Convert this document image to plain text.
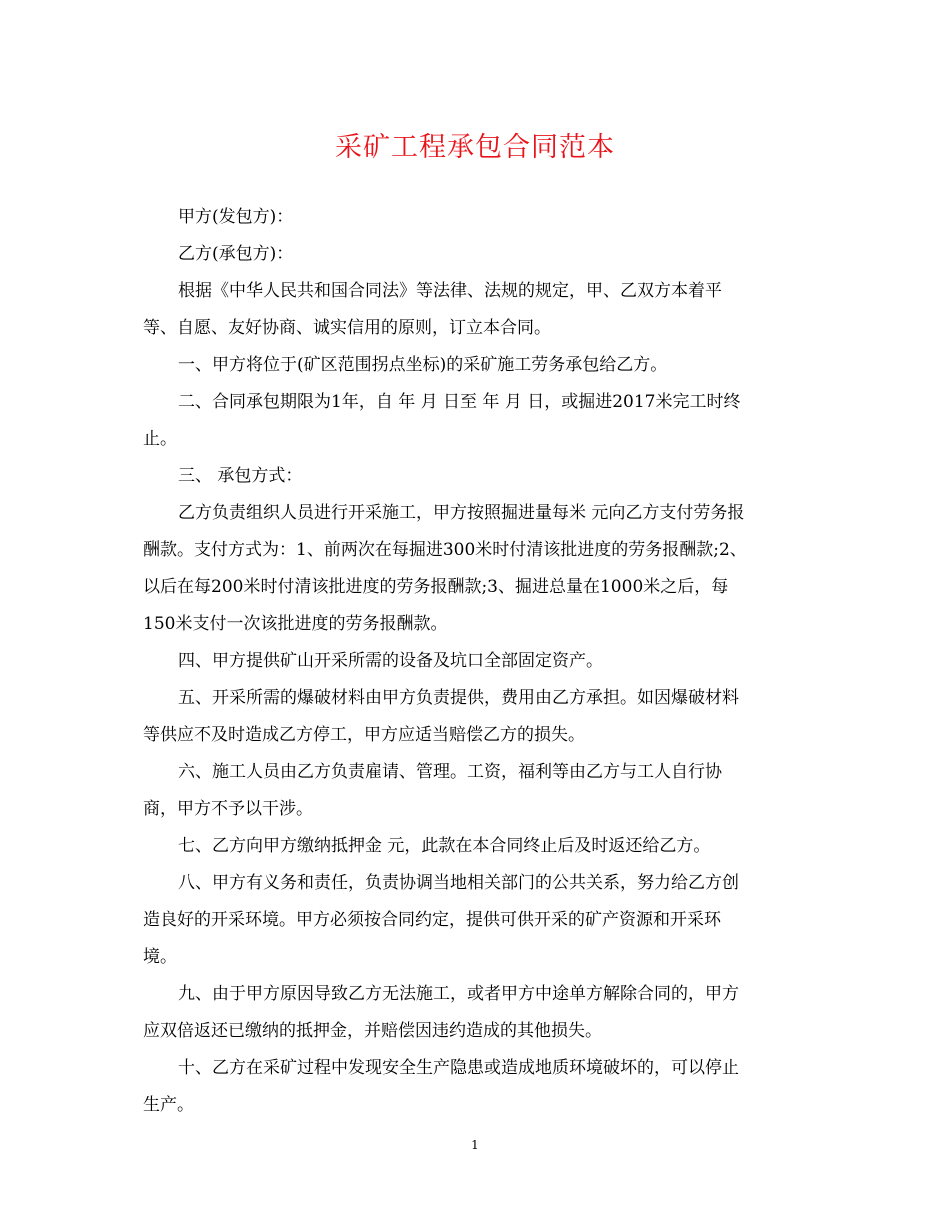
采矿工程承包合同范本
甲方(发包方)：
乙方(承包方)：
根据《中华人民共和国合同法》等法律、法规的规定，甲、乙双方本着平
等、自愿、友好协商、诚实信用的原则，订立本合同。
一、甲方将位于(矿区范围拐点坐标)的采矿施工劳务承包给乙方。
二、合同承包期限为1年，自 年 月 日至 年 月 日，或掘进2017米完工时终
止。
三、 承包方式：
乙方负责组织人员进行开采施工，甲方按照掘进量每米 元向乙方支付劳务报
酬款。支付方式为：1、前两次在每掘进300米时付清该批进度的劳务报酬款;2、
以后在每200米时付清该批进度的劳务报酬款;3、掘进总量在1000米之后，每
150米支付一次该批进度的劳务报酬款。
四、甲方提供矿山开采所需的设备及坑口全部固定资产。
五、开采所需的爆破材料由甲方负责提供，费用由乙方承担。如因爆破材料
等供应不及时造成乙方停工，甲方应适当赔偿乙方的损失。
六、施工人员由乙方负责雇请、管理。工资，福利等由乙方与工人自行协
商，甲方不予以干涉。
七、乙方向甲方缴纳抵押金 元，此款在本合同终止后及时返还给乙方。
八、甲方有义务和责任，负责协调当地相关部门的公共关系，努力给乙方创
造良好的开采环境。甲方必须按合同约定，提供可供开采的矿产资源和开采环
境。
九、由于甲方原因导致乙方无法施工，或者甲方中途单方解除合同的，甲方
应双倍返还已缴纳的抵押金，并赔偿因违约造成的其他损失。
十、乙方在采矿过程中发现安全生产隐患或造成地质环境破坏的，可以停止
生产。
1
